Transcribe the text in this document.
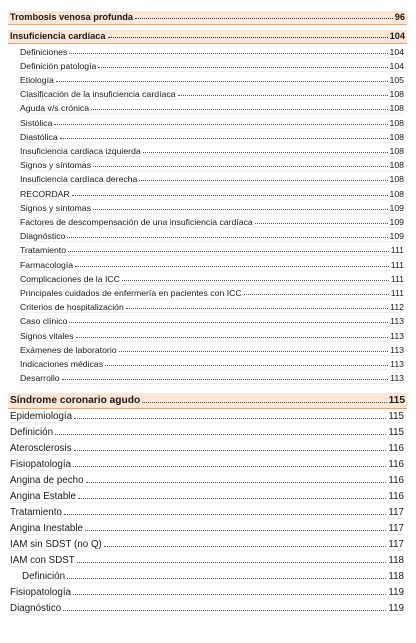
Trombosis venosa profunda	96
Insuficiencia cardíaca	104
Definiciones	104
Definición patología	104
Etiología	105
Clasificación de la insuficiencia cardíaca	108
Aguda v/s crónica	108
Sistólica	108
Diastólica	108
Insuficiencia cardiaca izquierda	108
Signos y síntomas	108
Insuficiencia cardíaca derecha	108
RECORDAR	108
Signos y síntomas	109
Factores de descompensación de una insuficiencia cardíaca	109
Diagnóstico	109
Tratamiento	111
Farmacología	111
Complicaciones de la ICC	111
Principales cuidados de enfermería en pacientes con ICC	111
Criterios de hospitalización	112
Caso clínico	113
Signos vitales	113
Exámenes de laboratorio	113
Indicaciones médicas	113
Desarrollo	113
Síndrome coronario agudo	115
Epidemiología	115
Definición	115
Aterosclerosis	116
Fisiopatología	116
Angina de pecho	116
Angina Estable	116
Tratamiento	117
Angina Inestable	117
IAM sin SDST (no Q)	117
IAM con SDST	118
Definición	118
Fisiopatología	119
Diagnóstico	119
